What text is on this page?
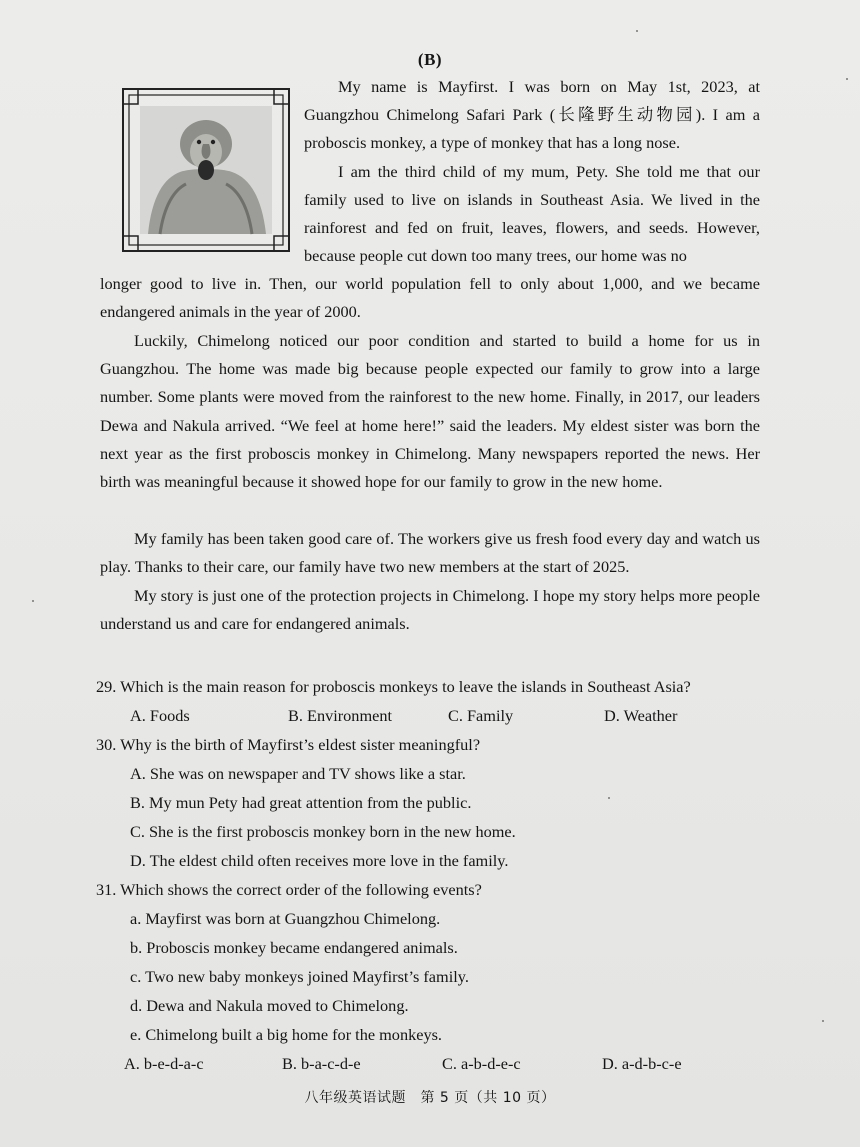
(B)

My name is Mayfirst. I was born on May 1st, 2023, at Guangzhou Chimelong Safari Park (长隆野生动物园). I am a proboscis monkey, a type of monkey that has a long nose.

I am the third child of my mum, Pety. She told me that our family used to live on islands in Southeast Asia. We lived in the rainforest and fed on fruit, leaves, flowers, and seeds. However, because people cut down too many trees, our home was no

longer good to live in. Then, our world population fell to only about 1,000, and we became endangered animals in the year of 2000.

Luckily, Chimelong noticed our poor condition and started to build a home for us in Guangzhou. The home was made big because people expected our family to grow into a large number. Some plants were moved from the rainforest to the new home. Finally, in 2017, our leaders Dewa and Nakula arrived. “We feel at home here!” said the leaders. My eldest sister was born the next year as the first proboscis monkey in Chimelong. Many newspapers reported the news. Her birth was meaningful because it showed hope for our family to grow in the new home.

My family has been taken good care of. The workers give us fresh food every day and watch us play. Thanks to their care, our family have two new members at the start of 2025.

My story is just one of the protection projects in Chimelong. I hope my story helps more people understand us and care for endangered animals.

29. Which is the main reason for proboscis monkeys to leave the islands in Southeast Asia?

A. Foods	B. Environment	C. Family	D. Weather

30. Why is the birth of Mayfirst’s eldest sister meaningful?

A. She was on newspaper and TV shows like a star.

B. My mun Pety had great attention from the public.

C. She is the first proboscis monkey born in the new home.

D. The eldest child often receives more love in the family.

31. Which shows the correct order of the following events?

a. Mayfirst was born at Guangzhou Chimelong.

b. Proboscis monkey became endangered animals.

c. Two new baby monkeys joined Mayfirst’s family.

d. Dewa and Nakula moved to Chimelong.

e. Chimelong built a big home for the monkeys.

A. b-e-d-a-c	B. b-a-c-d-e	C. a-b-d-e-c	D. a-d-b-c-e
八年级英语试题　第 5 页（共 10 页）
